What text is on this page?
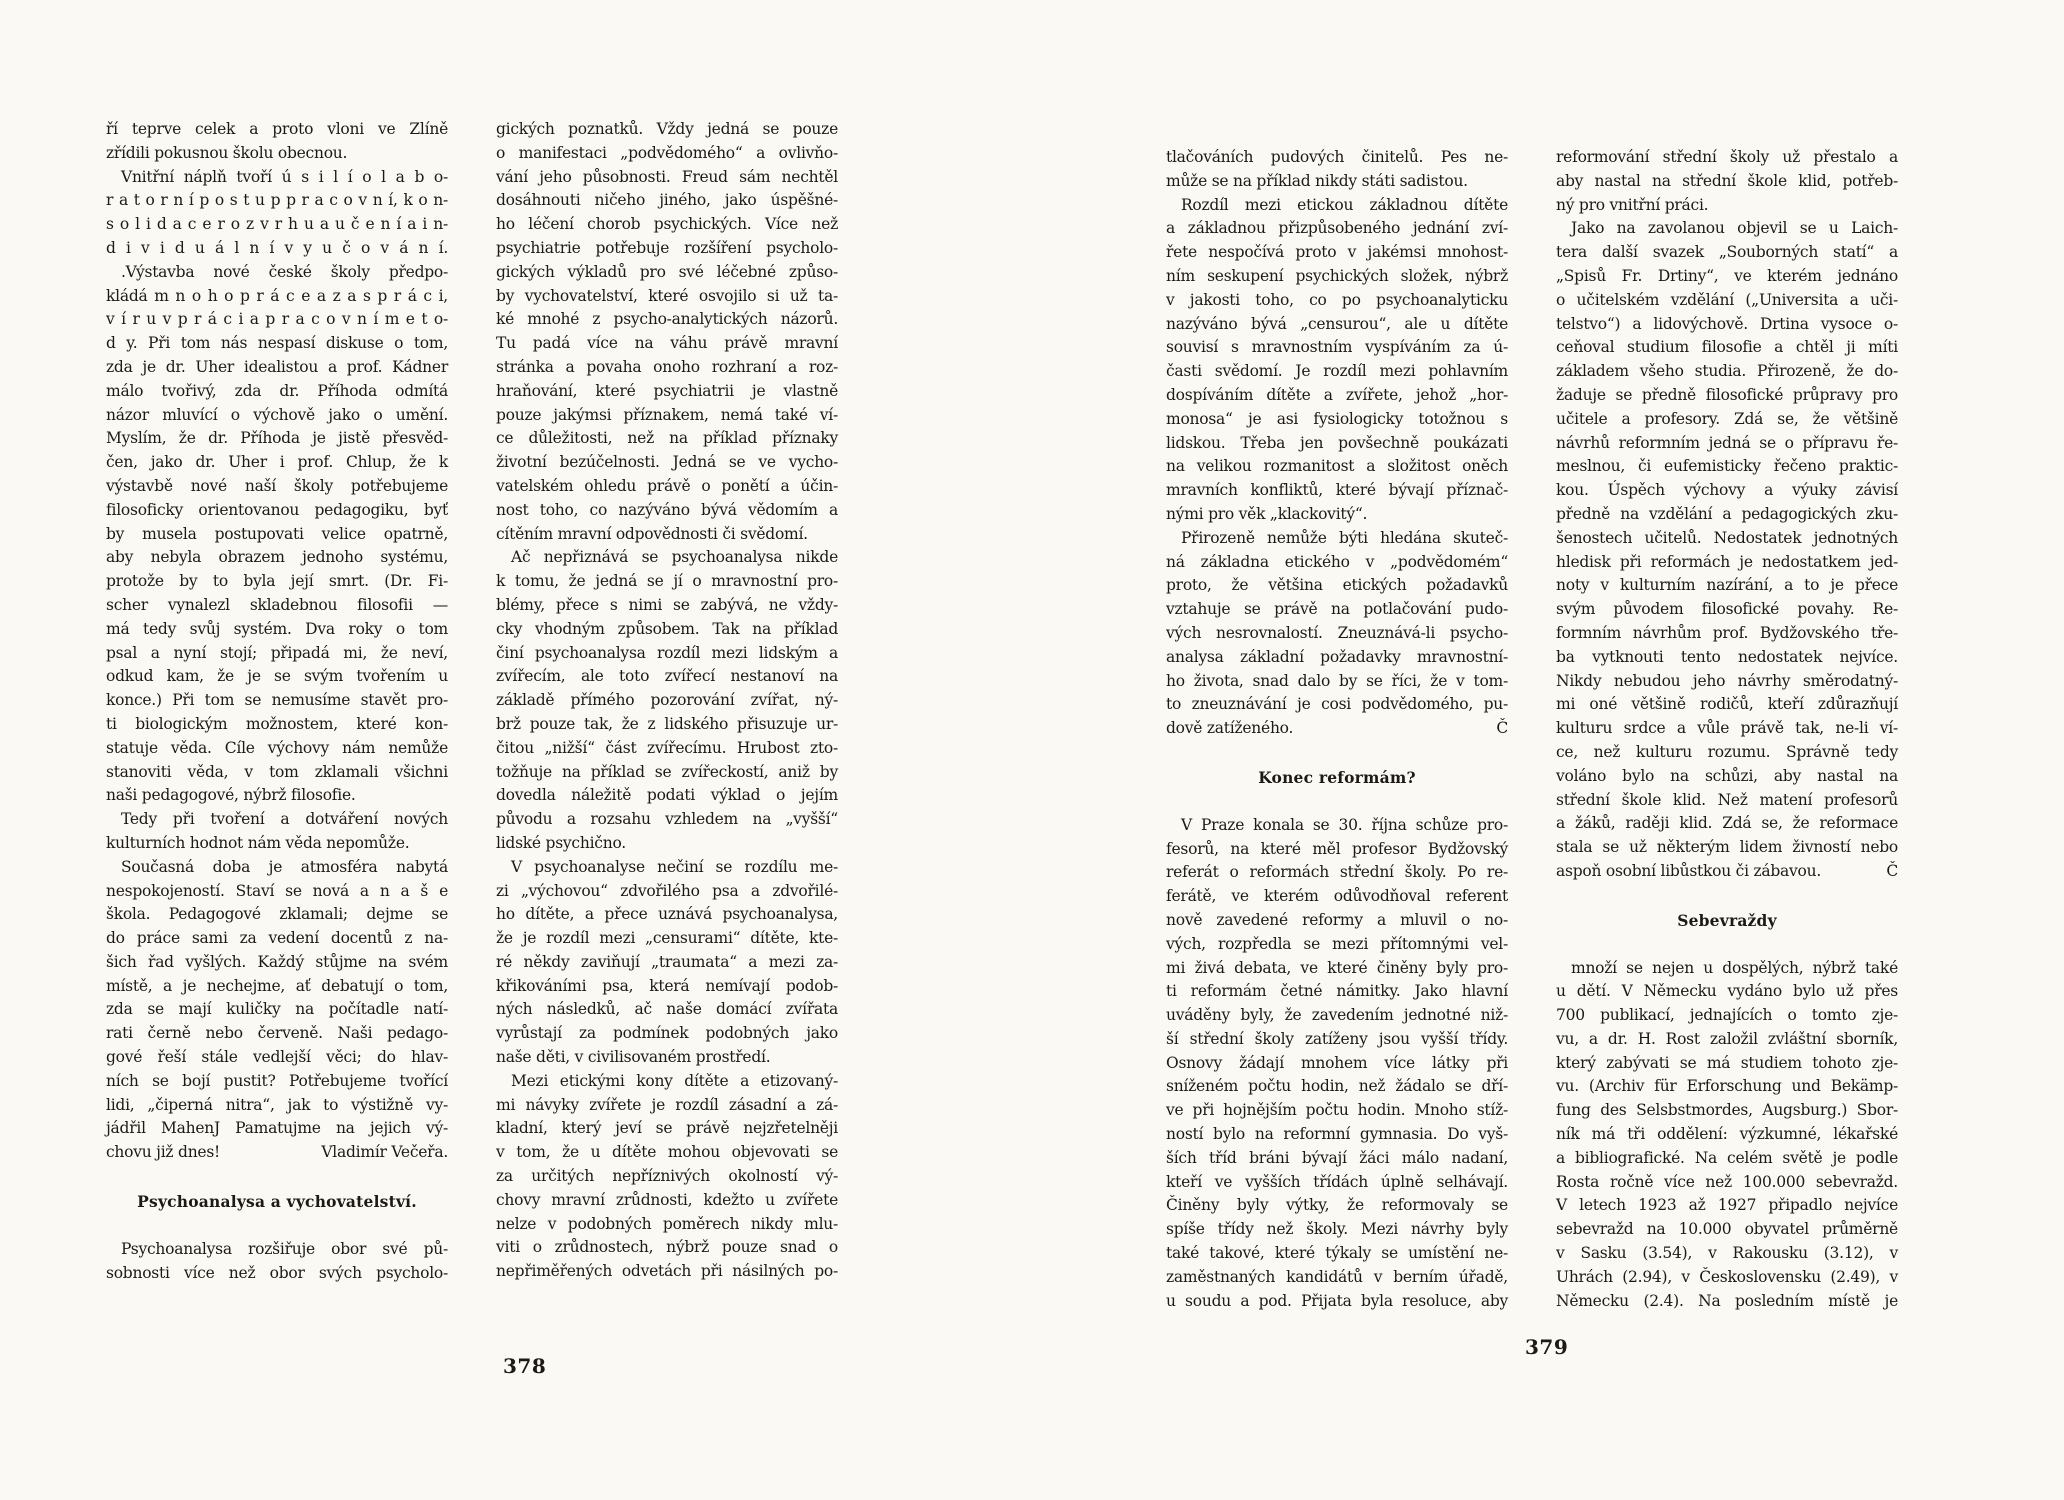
ří teprve celek a proto vloni ve Zlíně
zřídili pokusnou školu obecnou.
Vnitřní náplň tvoří ú s i l í o l a b o-
r a t o r n í p o s t u p p r a c o v n í, k o n-
s o l i d a c e r o z v r h u a u č e n í a i n-
d i v i d u á l n í v y u č o v á n í.
.Výstavba nové české školy předpo-
kládá m n o h o p r á c e a z a s p r á c i,
v í r u v p r á c i a p r a c o v n í m e t o-
d y. Při tom nás nespasí diskuse o tom,
zda je dr. Uher idealistou a prof. Kádner
málo tvořivý, zda dr. Příhoda odmítá
názor mluvící o výchově jako o umění.
Myslím, že dr. Příhoda je jistě přesvěd-
čen, jako dr. Uher i prof. Chlup, že k
výstavbě nové naší školy potřebujeme
filosoficky orientovanou pedagogiku, byť
by musela postupovati velice opatrně,
aby nebyla obrazem jednoho systému,
protože by to byla její smrt. (Dr. Fi-
scher vynalezl skladebnou filosofii —
má tedy svůj systém. Dva roky o tom
psal a nyní stojí; připadá mi, že neví,
odkud kam, že je se svým tvořením u
konce.) Při tom se nemusíme stavět pro-
ti biologickým možnostem, které kon-
statuje věda. Cíle výchovy nám nemůže
stanoviti věda, v tom zklamali všichni
naši pedagogové, nýbrž filosofie.
Tedy při tvoření a dotváření nových
kulturních hodnot nám věda nepomůže.
Současná doba je atmosféra nabytá
nespokojeností. Staví se nová a n a š e
škola. Pedagogové zklamali; dejme se
do práce sami za vedení docentů z na-
šich řad vyšlých. Každý stůjme na svém
místě, a je nechejme, ať debatují o tom,
zda se mají kuličky na počítadle natí-
rati černě nebo červeně. Naši pedago-
gové řeší stále vedlejší věci; do hlav-
ních se bojí pustit? Potřebujeme tvořící
lidi, „čiperná nitra“, jak to výstižně vy-
jádřil MahenJ Pamatujme na jejich vý-
chovu již dnes!	Vladimír Večeřa.
Psychoanalysa a vychovatelství.
Psychoanalysa rozšiřuje obor své pů-
sobnosti více než obor svých psycholo-
gických poznatků. Vždy jedná se pouze
o manifestaci „podvědomého“ a ovlivňo-
vání jeho působnosti. Freud sám nechtěl
dosáhnouti ničeho jiného, jako úspěšné-
ho léčení chorob psychických. Více než
psychiatrie potřebuje rozšíření psycholo-
gických výkladů pro své léčebné způso-
by vychovatelství, které osvojilo si už ta-
ké mnohé z psycho-analytických názorů.
Tu padá více na váhu právě mravní
stránka a povaha onoho rozhraní a roz-
hraňování, které psychiatrii je vlastně
pouze jakýmsi příznakem, nemá také ví-
ce důležitosti, než na příklad příznaky
životní bezúčelnosti. Jedná se ve vycho-
vatelském ohledu právě o ponětí a účin-
nost toho, co nazýváno bývá vědomím a
cítěním mravní odpovědnosti či svědomí.
Ač nepřiznává se psychoanalysa nikde
k tomu, že jedná se jí o mravnostní pro-
blémy, přece s nimi se zabývá, ne vždy-
cky vhodným způsobem. Tak na příklad
činí psychoanalysa rozdíl mezi lidským a
zvířecím, ale toto zvířecí nestanoví na
základě přímého pozorování zvířat, ný-
brž pouze tak, že z lidského přisuzuje ur-
čitou „nižší“ část zvířecímu. Hrubost zto-
tožňuje na příklad se zvířeckostí, aniž by
dovedla náležitě podati výklad o jejím
původu a rozsahu vzhledem na „vyšší“
lidské psychično.
V psychoanalyse nečiní se rozdílu me-
zi „výchovou“ zdvořilého psa a zdvořilé-
ho dítěte, a přece uznává psychoanalysa,
že je rozdíl mezi „censurami“ dítěte, kte-
ré někdy zaviňují „traumata“ a mezi za-
křikováními psa, která nemívají podob-
ných následků, ač naše domácí zvířata
vyrůstají za podmínek podobných jako
naše děti, v civilisovaném prostředí.
Mezi etickými kony dítěte a etizovaný-
mi návyky zvířete je rozdíl zásadní a zá-
kladní, který jeví se právě nejzřetelněji
v tom, že u dítěte mohou objevovati se
za určitých nepříznivých okolností vý-
chovy mravní zrůdnosti, kdežto u zvířete
nelze v podobných poměrech nikdy mlu-
viti o zrůdnostech, nýbrž pouze snad o
nepřiměřených odvetách při násilných po-
tlačováních pudových činitelů. Pes ne-
může se na příklad nikdy státi sadistou.
Rozdíl mezi etickou základnou dítěte
a základnou přizpůsobeného jednání zví-
řete nespočívá proto v jakémsi mnohost-
ním seskupení psychických složek, nýbrž
v jakosti toho, co po psychoanalyticku
nazýváno bývá „censurou“, ale u dítěte
souvisí s mravnostním vyspíváním za ú-
časti svědomí. Je rozdíl mezi pohlavním
dospíváním dítěte a zvířete, jehož „hor-
monosa“ je asi fysiologicky totožnou s
lidskou. Třeba jen povšechně poukázati
na velikou rozmanitost a složitost oněch
mravních konfliktů, které bývají příznač-
nými pro věk „klackovitý“.
Přirozeně nemůže býti hledána skuteč-
ná základna etického v „podvědomém“
proto, že většina etických požadavků
vztahuje se právě na potlačování pudo-
vých nesrovnalostí. Zneuznává-li psycho-
analysa základní požadavky mravnostní-
ho života, snad dalo by se říci, že v tom-
to zneuznávání je cosi podvědomého, pu-
dově zatíženého.	Č
Konec reformám?
V Praze konala se 30. října schůze pro-
fesorů, na které měl profesor Bydžovský
referát o reformách střední školy. Po re-
ferátě, ve kterém odůvodňoval referent
nově zavedené reformy a mluvil o no-
vých, rozpředla se mezi přítomnými vel-
mi živá debata, ve které činěny byly pro-
ti reformám četné námitky. Jako hlavní
uváděny byly, že zavedením jednotné niž-
ší střední školy zatíženy jsou vyšší třídy.
Osnovy žádají mnohem více látky při
sníženém počtu hodin, než žádalo se dří-
ve při hojnějším počtu hodin. Mnoho stíž-
ností bylo na reformní gymnasia. Do vyš-
ších tříd bráni bývají žáci málo nadaní,
kteří ve vyšších třídách úplně selhávají.
Činěny byly výtky, že reformovaly se
spíše třídy než školy. Mezi návrhy byly
také takové, které týkaly se umístění ne-
zaměstnaných kandidátů v berním úřadě,
u soudu a pod. Přijata byla resoluce, aby
reformování střední školy už přestalo a
aby nastal na střední škole klid, potřeb-
ný pro vnitřní práci.
Jako na zavolanou objevil se u Laich-
tera další svazek „Souborných statí“ a
„Spisů Fr. Drtiny“, ve kterém jednáno
o učitelském vzdělání („Universita a uči-
telstvo“) a lidovýchově. Drtina vysoce o-
ceňoval studium filosofie a chtěl ji míti
základem všeho studia. Přirozeně, že do-
žaduje se předně filosofické průpravy pro
učitele a profesory. Zdá se, že většině
návrhů reformním jedná se o přípravu ře-
meslnou, či eufemisticky řečeno praktic-
kou. Úspěch výchovy a výuky závisí
předně na vzdělání a pedagogických zku-
šenostech učitelů. Nedostatek jednotných
hledisk při reformách je nedostatkem jed-
noty v kulturním nazírání, a to je přece
svým původem filosofické povahy. Re-
formním návrhům prof. Bydžovského tře-
ba vytknouti tento nedostatek nejvíce.
Nikdy nebudou jeho návrhy směrodatný-
mi oné většině rodičů, kteří zdůrazňují
kulturu srdce a vůle právě tak, ne-li ví-
ce, než kulturu rozumu. Správně tedy
voláno bylo na schůzi, aby nastal na
střední škole klid. Než matení profesorů
a žáků, raději klid. Zdá se, že reformace
stala se už některým lidem živností nebo
aspoň osobní libůstkou či zábavou.	Č
Sebevraždy
množí se nejen u dospělých, nýbrž také
u dětí. V Německu vydáno bylo už přes
700 publikací, jednajících o tomto zje-
vu, a dr. H. Rost založil zvláštní sborník,
který zabývati se má studiem tohoto zje-
vu. (Archiv für Erforschung und Bekämp-
fung des Selsbstmordes, Augsburg.) Sbor-
ník má tři oddělení: výzkumné, lékařské
a bibliografické. Na celém světě je podle
Rosta ročně více než 100.000 sebevražd.
V letech 1923 až 1927 připadlo nejvíce
sebevražd na 10.000 obyvatel průměrně
v Sasku (3.54), v Rakousku (3.12), v
Uhrách (2.94), v Československu (2.49), v
Německu (2.4). Na posledním místě je
378
379
